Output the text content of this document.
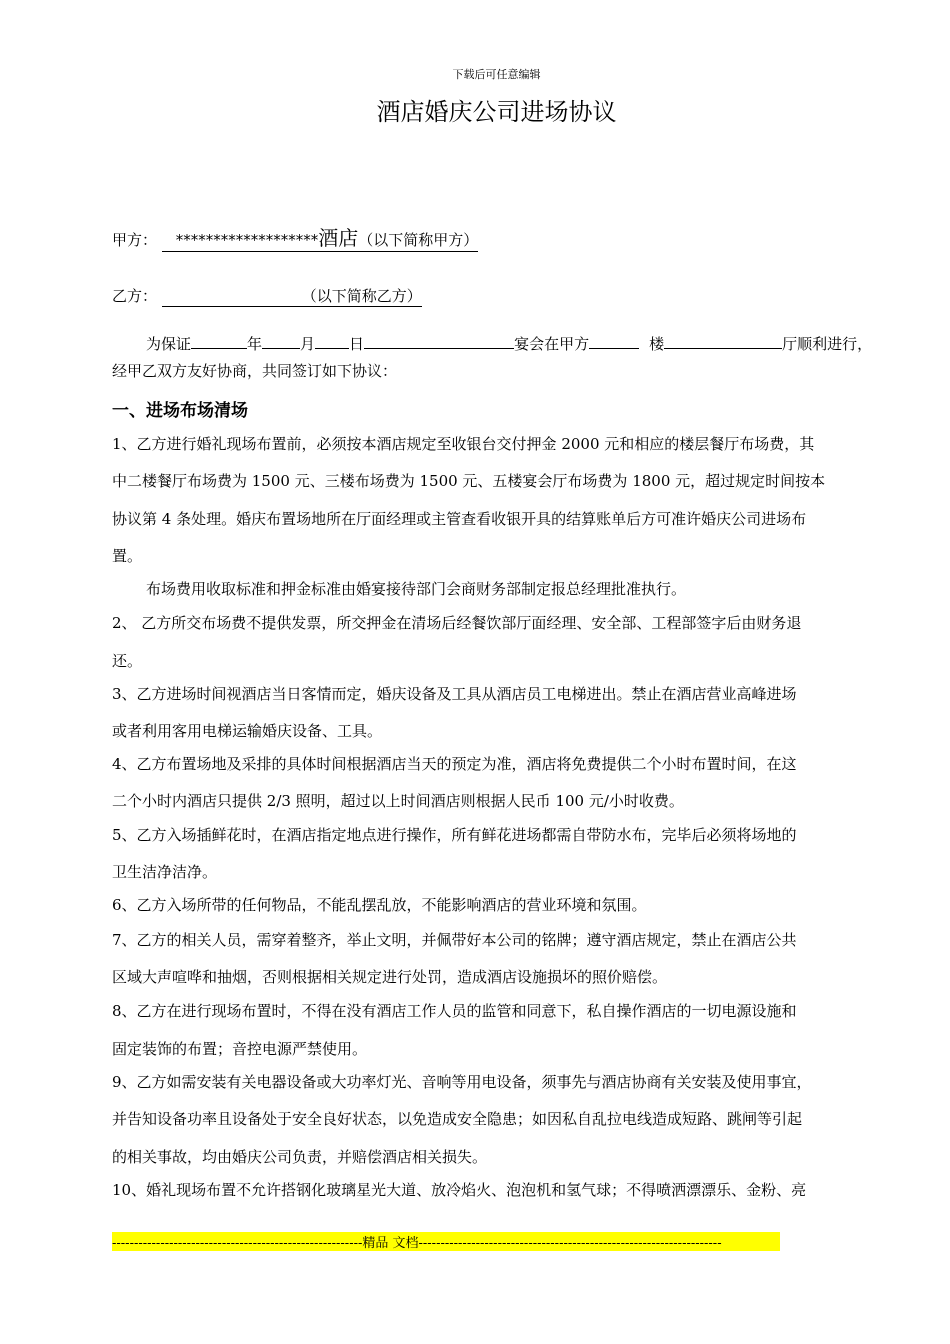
下载后可任意编辑
酒店婚庆公司进场协议
甲方： *******************酒店（以下简称甲方）
乙方：	（以下简称乙方）
为保证	年	月 日	宴会在甲方	楼	厅顺利进行，
经甲乙双方友好协商，共同签订如下协议：
一、进场布场清场
1、乙方进行婚礼现场布置前，必须按本酒店规定至收银台交付押金 2000 元和相应的楼层餐厅布场费，其
中二楼餐厅布场费为 1500 元、三楼布场费为 1500 元、五楼宴会厅布场费为 1800 元，超过规定时间按本
协议第 4 条处理。婚庆布置场地所在厅面经理或主管查看收银开具的结算账单后方可准许婚庆公司进场布
置。
布场费用收取标准和押金标准由婚宴接待部门会商财务部制定报总经理批准执行。
2、 乙方所交布场费不提供发票，所交押金在清场后经餐饮部厅面经理、安全部、工程部签字后由财务退
还。
3、乙方进场时间视酒店当日客情而定，婚庆设备及工具从酒店员工电梯进出。禁止在酒店营业高峰进场
或者利用客用电梯运输婚庆设备、工具。
4、乙方布置场地及采排的具体时间根据酒店当天的预定为准，酒店将免费提供二个小时布置时间，在这
二个小时内酒店只提供 2/3 照明，超过以上时间酒店则根据人民币 100 元/小时收费。
5、乙方入场插鲜花时，在酒店指定地点进行操作，所有鲜花进场都需自带防水布，完毕后必须将场地的
卫生洁净洁净。
6、乙方入场所带的任何物品，不能乱摆乱放，不能影响酒店的营业环境和氛围。
7、乙方的相关人员，需穿着整齐，举止文明，并佩带好本公司的铭牌；遵守酒店规定，禁止在酒店公共
区域大声喧哗和抽烟，否则根据相关规定进行处罚，造成酒店设施损坏的照价赔偿。
8、乙方在进行现场布置时，不得在没有酒店工作人员的监管和同意下，私自操作酒店的一切电源设施和
固定装饰的布置；音控电源严禁使用。
9、乙方如需安装有关电器设备或大功率灯光、音响等用电设备，须事先与酒店协商有关安装及使用事宜，
并告知设备功率且设备处于安全良好状态，以免造成安全隐患；如因私自乱拉电线造成短路、跳闸等引起
的相关事故，均由婚庆公司负责，并赔偿酒店相关损失。
10、婚礼现场布置不允许搭钢化玻璃星光大道、放冷焰火、泡泡机和氢气球；不得喷洒漂漂乐、金粉、亮
---------------------------------------------------------精品 文档---------------------------------------------------------------------
